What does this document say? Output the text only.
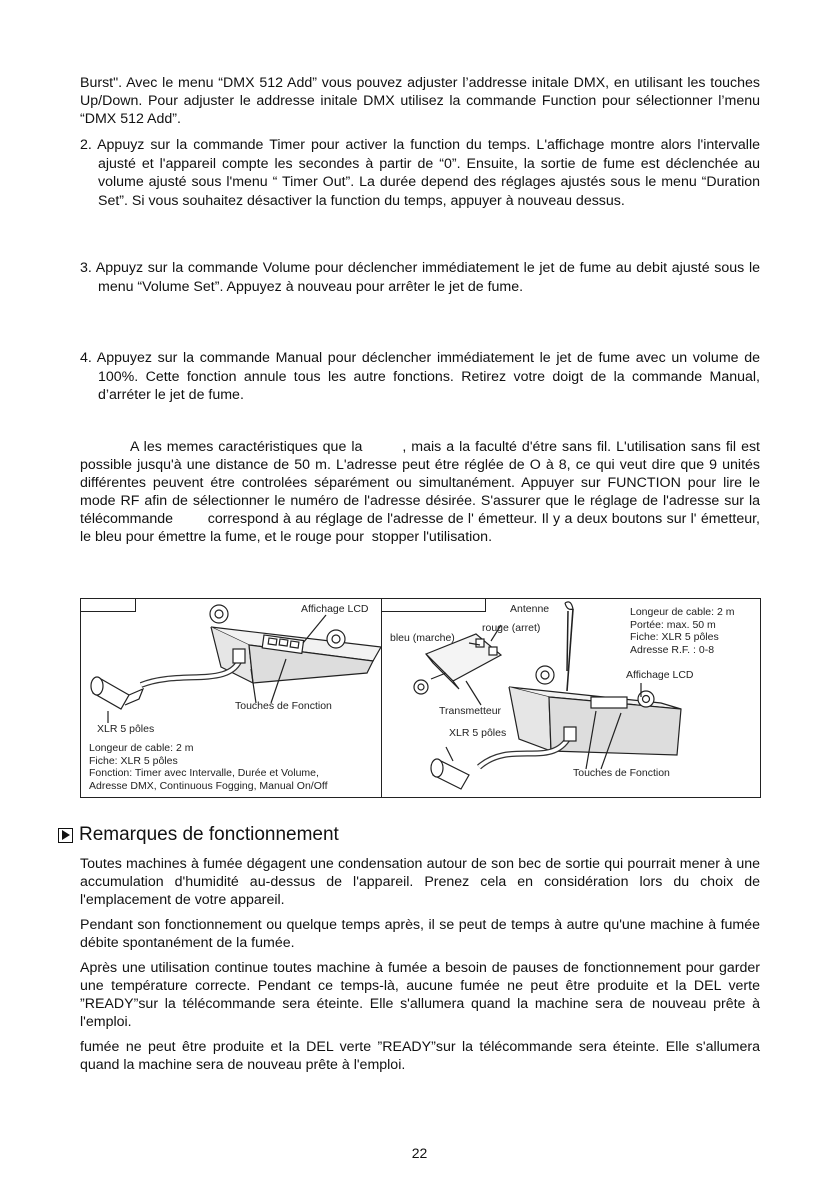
Burst". Avec le menu “DMX 512 Add” vous pouvez adjuster l’addresse initale DMX, en utilisant les touches Up/Down. Pour adjuster le addresse initale DMX utilisez la commande Function pour sélectionner l’menu “DMX 512 Add”.

2. Appuyz sur la commande Timer pour activer la function du temps. L'affichage montre alors l'intervalle ajusté et l'appareil compte les secondes à partir de “0”. Ensuite, la sortie de fume est déclenchée au volume ajusté sous l'menu “ Timer Out”. La durée depend des réglages ajustés sous le menu “Duration Set”. Si vous souhaitez désactiver la function du temps, appuyer à nouveau dessus.

3. Appuyz sur la commande Volume pour déclencher immédiatement le jet de fume au debit ajusté sous le menu “Volume Set”. Appuyez à nouveau pour arrêter le jet de fume.

4. Appuyez sur la commande Manual pour déclencher immédiatement le jet de fume avec un volume de 100%. Cette fonction annule tous les autre fonctions. Retirez votre doigt de la commande Manual, d’arréter le jet de fume.

A les memes caractéristiques que la        , mais a la faculté d'étre sans fil. L'utilisation sans fil est possible jusqu'à une distance de 50 m. L'adresse peut étre réglée de O à 8, ce qui veut dire que 9 unités différentes peuvent étre controlées séparément ou simultanément. Appuyer sur FUNCTION pour lire le mode RF afin de sélectionner le numéro de l'adresse désirée. S'assurer que le réglage de l'adresse sur la télécommande        correspond à au réglage de l'adresse de l' émetteur. Il y a deux boutons sur l' émetteur, le bleu pour émettre la fume, et le rouge pour  stopper l'utilisation.

Affichage LCD
Touches de Fonction
XLR 5 pôles
Longeur de cable: 2 m
Fiche: XLR 5 pôles
Fonction: Timer avec Intervalle, Durée et Volume,
Adresse DMX, Continuous Fogging, Manual On/Off
Antenne
rouge (arret)
bleu (marche)
Transmetteur
XLR 5 pôles
Affichage LCD
Touches de Fonction
Longeur de cable: 2 m
Portée: max. 50 m
Fiche: XLR 5 pôles
Adresse R.F. : 0-8
Remarques de fonctionnement

Toutes machines à fumée dégagent une condensation autour de son bec de sortie qui pourrait mener à une accumulation d'humidité au-dessus de l'appareil. Prenez cela en considération lors du choix de l'emplacement de votre appareil.

Pendant son fonctionnement ou quelque temps après, il se peut de temps à autre qu'une machine à fumée débite spontanément de la fumée.

Après une utilisation continue toutes machine à fumée a besoin de pauses de fonctionnement pour garder une température correcte. Pendant ce temps-là, aucune fumée ne peut être produite et la DEL verte ”READY”sur la télécommande sera éteinte. Elle s'allumera quand la machine sera de nouveau prête à l'emploi.

fumée ne peut être produite et la DEL verte ”READY”sur la télécommande sera éteinte. Elle s'allumera quand la machine sera de nouveau prête à l'emploi.

22
